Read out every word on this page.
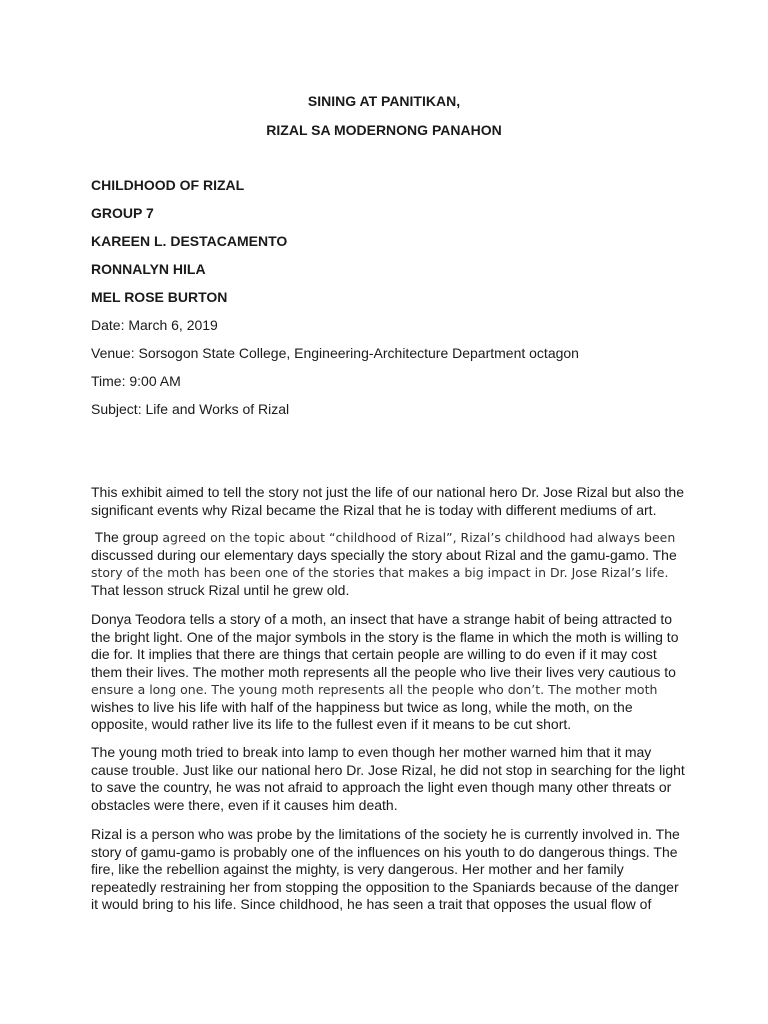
SINING AT PANITIKAN,
RIZAL SA MODERNONG PANAHON
CHILDHOOD OF RIZAL
GROUP 7
KAREEN L. DESTACAMENTO
RONNALYN HILA
MEL ROSE BURTON
Date: March 6, 2019
Venue: Sorsogon State College, Engineering-Architecture Department octagon
Time: 9:00 AM
Subject: Life and Works of Rizal
This exhibit aimed to tell the story not just the life of our national hero Dr. Jose Rizal but also the
significant events why Rizal became the Rizal that he is today with different mediums of art.
The group agreed on the topic about “childhood of Rizal”, Rizal’s childhood had always been
discussed during our elementary days specially the story about Rizal and the gamu-gamo. The
story of the moth has been one of the stories that makes a big impact in Dr. Jose Rizal’s life.
That lesson struck Rizal until he grew old.
Donya Teodora tells a story of a moth, an insect that have a strange habit of being attracted to
the bright light. One of the major symbols in the story is the flame in which the moth is willing to
die for. It implies that there are things that certain people are willing to do even if it may cost
them their lives. The mother moth represents all the people who live their lives very cautious to
ensure a long one. The young moth represents all the people who don’t. The mother moth
wishes to live his life with half of the happiness but twice as long, while the moth, on the
opposite, would rather live its life to the fullest even if it means to be cut short.
The young moth tried to break into lamp to even though her mother warned him that it may
cause trouble. Just like our national hero Dr. Jose Rizal, he did not stop in searching for the light
to save the country, he was not afraid to approach the light even though many other threats or
obstacles were there, even if it causes him death.
Rizal is a person who was probe by the limitations of the society he is currently involved in. The
story of gamu-gamo is probably one of the influences on his youth to do dangerous things. The
fire, like the rebellion against the mighty, is very dangerous. Her mother and her family
repeatedly restraining her from stopping the opposition to the Spaniards because of the danger
it would bring to his life. Since childhood, he has seen a trait that opposes the usual flow of
